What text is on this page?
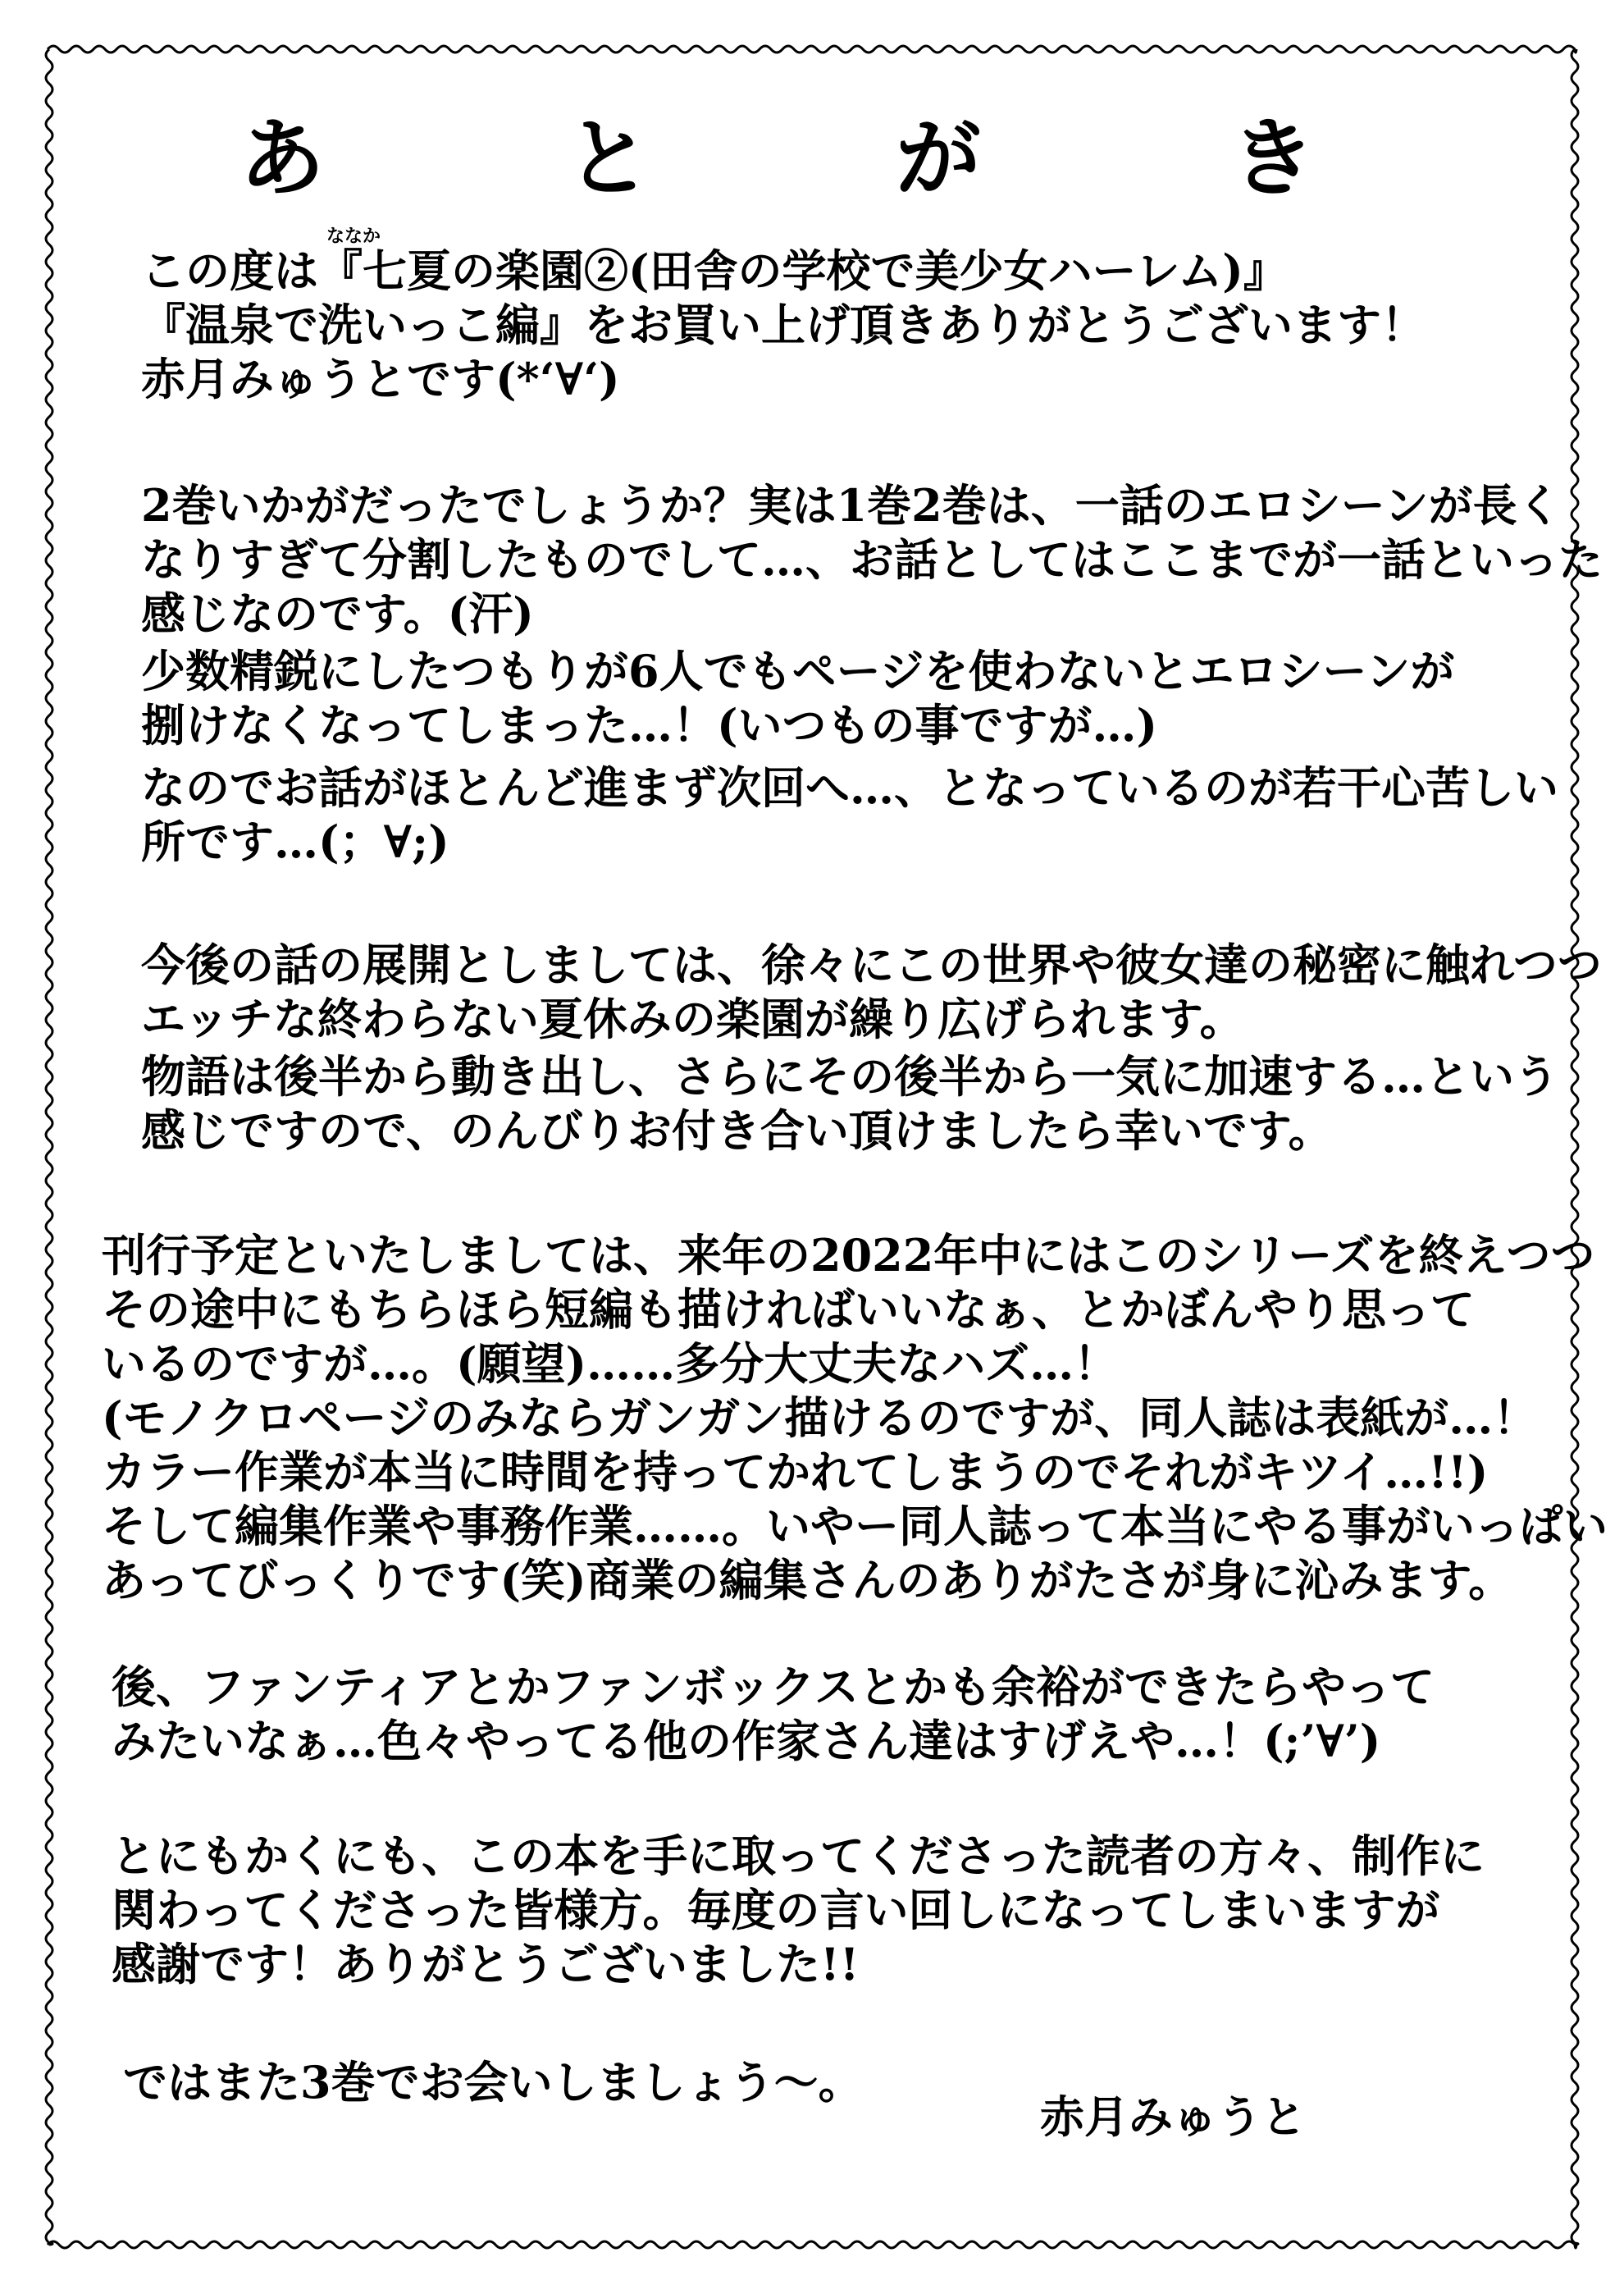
あ	と	が	き
ななか
この度は『七夏の楽園②(田舎の学校で美少女ハーレム)』
『温泉で洗いっこ編』をお買い上げ頂きありがとうございます！
赤月みゅうとです(*‘∀‘)
2巻いかがだったでしょうか？実は1巻2巻は、一話のエロシーンが長く
なりすぎて分割したものでして…、お話としてはここまでが一話といった
感じなのです。(汗)
少数精鋭にしたつもりが6人でもページを使わないとエロシーンが
捌けなくなってしまった…！(いつもの事ですが…)
なのでお話がほとんど進まず次回へ…、となっているのが若干心苦しい
所です…(；∀;)
今後の話の展開としましては、徐々にこの世界や彼女達の秘密に触れつつ
エッチな終わらない夏休みの楽園が繰り広げられます。
物語は後半から動き出し、さらにその後半から一気に加速する…という
感じですので、のんびりお付き合い頂けましたら幸いです。
刊行予定といたしましては、来年の2022年中にはこのシリーズを終えつつ
その途中にもちらほら短編も描ければいいなぁ、とかぼんやり思って
いるのですが…。(願望)……多分大丈夫なハズ…！
(モノクロページのみならガンガン描けるのですが、同人誌は表紙が…！
カラー作業が本当に時間を持ってかれてしまうのでそれがキツイ…!!)
そして編集作業や事務作業……。いやー同人誌って本当にやる事がいっぱい
あってびっくりです(笑)商業の編集さんのありがたさが身に沁みます。
後、ファンティアとかファンボックスとかも余裕ができたらやって
みたいなぁ…色々やってる他の作家さん達はすげえや…！(;’∀’)
とにもかくにも、この本を手に取ってくださった読者の方々、制作に
関わってくださった皆様方。毎度の言い回しになってしまいますが
感謝です！ありがとうございました!!
ではまた3巻でお会いしましょう～。
赤月みゅうと
